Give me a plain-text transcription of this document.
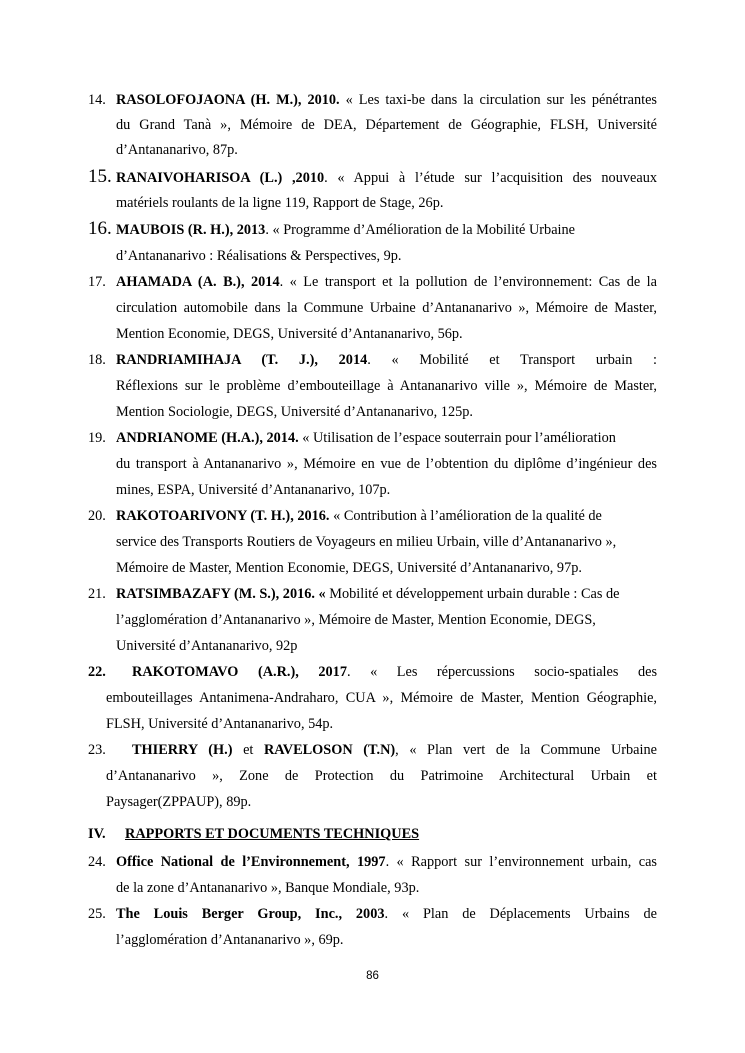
14. RASOLOFOJAONA (H. M.), 2010. « Les taxi-be dans la circulation sur les pénétrantes
du Grand Tanà », Mémoire de DEA, Département de Géographie, FLSH, Université
d’Antananarivo, 87p.
15. RANAIVOHARISOA (L.) ,2010. « Appui à l’étude sur l’acquisition des nouveaux
matériels roulants de la ligne 119, Rapport de Stage, 26p.
16. MAUBOIS (R. H.), 2013. « Programme d’Amélioration de la Mobilité Urbaine
d’Antananarivo : Réalisations & Perspectives, 9p.
17. AHAMADA (A. B.), 2014. « Le transport et la pollution de l’environnement: Cas de la
circulation automobile dans la Commune Urbaine d’Antananarivo », Mémoire de Master,
Mention Economie, DEGS, Université d’Antananarivo, 56p.
18. RANDRIAMIHAJA (T. J.), 2014. « Mobilité et Transport urbain :
Réflexions sur le problème d’embouteillage à Antananarivo ville », Mémoire de Master,
Mention Sociologie, DEGS, Université d’Antananarivo, 125p.
19. ANDRIANOME (H.A.), 2014. « Utilisation de l’espace souterrain pour l’amélioration
du transport à Antananarivo », Mémoire en vue de l’obtention du diplôme d’ingénieur des
mines, ESPA, Université d’Antananarivo, 107p.
20. RAKOTOARIVONY (T. H.), 2016. « Contribution à l’amélioration de la qualité de
service des Transports Routiers de Voyageurs en milieu Urbain, ville d’Antananarivo »,
Mémoire de Master, Mention Economie, DEGS, Université d’Antananarivo, 97p.
21. RATSIMBAZAFY (M. S.), 2016. « Mobilité et développement urbain durable : Cas de
l’agglomération d’Antananarivo », Mémoire de Master, Mention Economie, DEGS,
Université d’Antananarivo, 92p
22. RAKOTOMAVO (A.R.), 2017. « Les répercussions socio-spatiales des
embouteillages Antanimena-Andraharo, CUA », Mémoire de Master, Mention Géographie,
FLSH, Université d’Antananarivo, 54p.
23. THIERRY (H.) et RAVELOSON (T.N), « Plan vert de la Commune Urbaine
d’Antananarivo », Zone de Protection du Patrimoine Architectural Urbain et
Paysager(ZPPAUP), 89p.
IV. RAPPORTS ET DOCUMENTS TECHNIQUES
24. Office National de l’Environnement, 1997. « Rapport sur l’environnement urbain, cas
de la zone d’Antananarivo », Banque Mondiale, 93p.
25. The Louis Berger Group, Inc., 2003. « Plan de Déplacements Urbains de
l’agglomération d’Antananarivo », 69p.
86
